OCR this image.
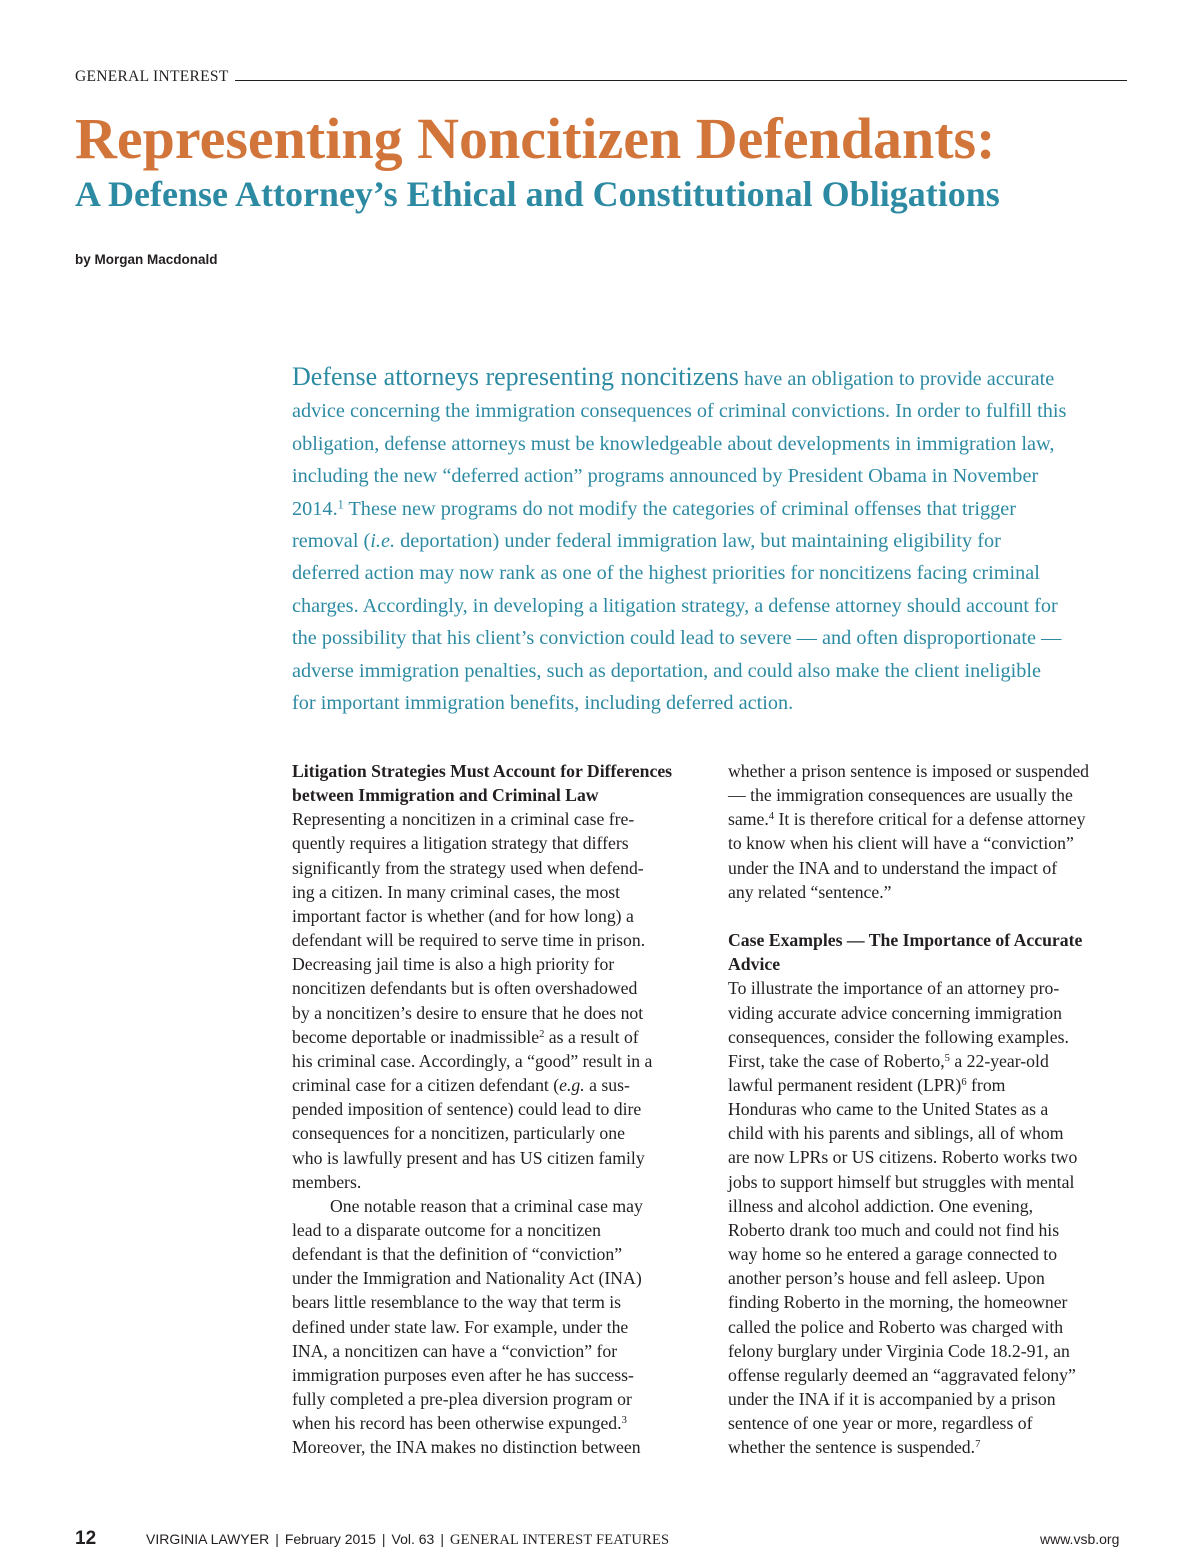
GENERAL INTEREST
Representing Noncitizen Defendants:
A Defense Attorney’s Ethical and Constitutional Obligations
by Morgan Macdonald

Defense attorneys representing noncitizens have an obligation to provide accurate
advice concerning the immigration consequences of criminal convictions. In order to fulfill this
obligation, defense attorneys must be knowledgeable about developments in immigration law,
including the new “deferred action” programs announced by President Obama in November
2014.$^1$ These new programs do not modify the categories of criminal offenses that trigger
removal (i.e. deportation) under federal immigration law, but maintaining eligibility for
deferred action may now rank as one of the highest priorities for noncitizens facing criminal
charges. Accordingly, in developing a litigation strategy, a defense attorney should account for
the possibility that his client’s conviction could lead to severe — and often disproportionate —
adverse immigration penalties, such as deportation, and could also make the client ineligible
for important immigration benefits, including deferred action.

Litigation Strategies Must Account for Differences
between Immigration and Criminal Law
Representing a noncitizen in a criminal case fre-
quently requires a litigation strategy that differs
significantly from the strategy used when defend-
ing a citizen. In many criminal cases, the most
important factor is whether (and for how long) a
defendant will be required to serve time in prison.
Decreasing jail time is also a high priority for
noncitizen defendants but is often overshadowed
by a noncitizen’s desire to ensure that he does not
become deportable or inadmissible$^2$ as a result of
his criminal case. Accordingly, a “good” result in a
criminal case for a citizen defendant (e.g. a sus-
pended imposition of sentence) could lead to dire
consequences for a noncitizen, particularly one
who is lawfully present and has US citizen family
members.
One notable reason that a criminal case may
lead to a disparate outcome for a noncitizen
defendant is that the definition of “conviction”
under the Immigration and Nationality Act (INA)
bears little resemblance to the way that term is
defined under state law. For example, under the
INA, a noncitizen can have a “conviction” for
immigration purposes even after he has success-
fully completed a pre-plea diversion program or
when his record has been otherwise expunged.$^3$
Moreover, the INA makes no distinction between
whether a prison sentence is imposed or suspended
— the immigration consequences are usually the
same.$^4$ It is therefore critical for a defense attorney
to know when his client will have a “conviction”
under the INA and to understand the impact of
any related “sentence.”
Case Examples — The Importance of Accurate
Advice
To illustrate the importance of an attorney pro-
viding accurate advice concerning immigration
consequences, consider the following examples.
First, take the case of Roberto,$^5$ a 22-year-old
lawful permanent resident (LPR)$^6$ from
Honduras who came to the United States as a
child with his parents and siblings, all of whom
are now LPRs or US citizens. Roberto works two
jobs to support himself but struggles with mental
illness and alcohol addiction. One evening,
Roberto drank too much and could not find his
way home so he entered a garage connected to
another person’s house and fell asleep. Upon
finding Roberto in the morning, the homeowner
called the police and Roberto was charged with
felony burglary under Virginia Code 18.2-91, an
offense regularly deemed an “aggravated felony”
under the INA if it is accompanied by a prison
sentence of one year or more, regardless of
whether the sentence is suspended.$^7$
12	VIRGINIA LAWYER | February 2015 | Vol. 63 | GENERAL INTEREST FEATURES	www.vsb.org
